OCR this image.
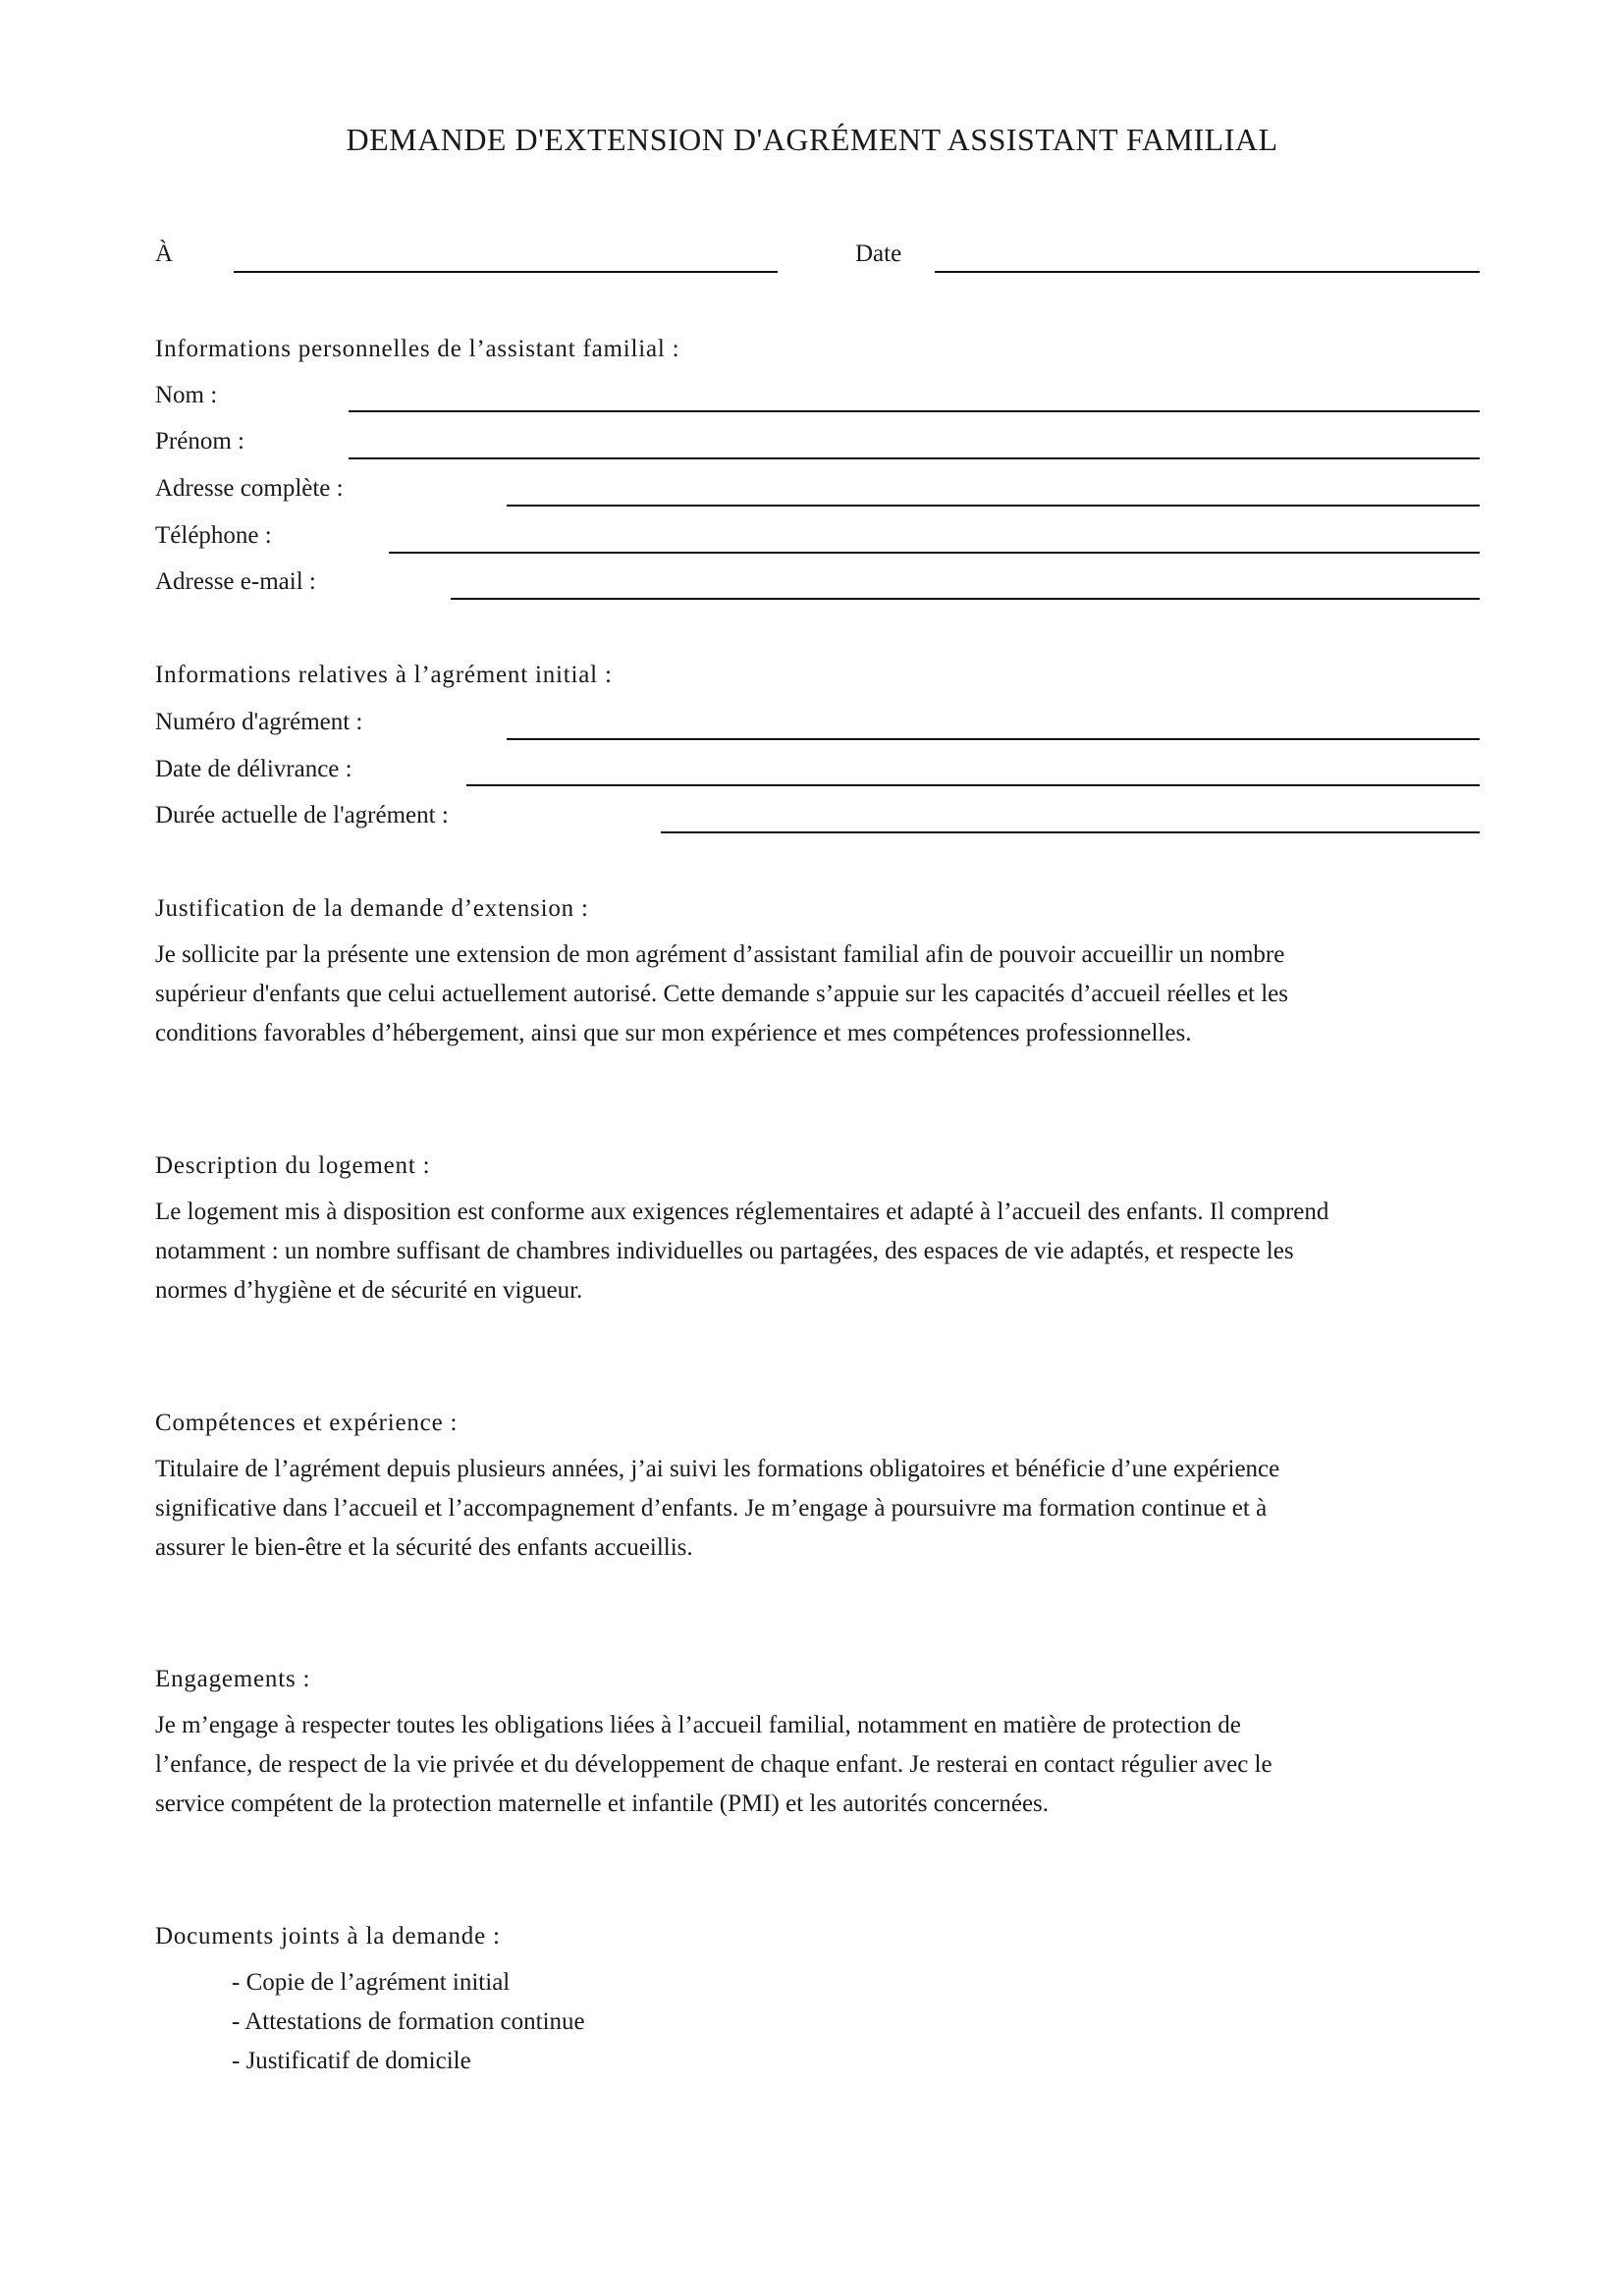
DEMANDE D'EXTENSION D'AGRÉMENT ASSISTANT FAMILIAL
À	Date
Informations personnelles de l’assistant familial :
Nom :
Prénom :
Adresse complète :
Téléphone :
Adresse e-mail :
Informations relatives à l’agrément initial :
Numéro d'agrément :
Date de délivrance :
Durée actuelle de l'agrément :
Justification de la demande d’extension :

Je sollicite par la présente une extension de mon agrément d’assistant familial afin de pouvoir accueillir un nombre

supérieur d'enfants que celui actuellement autorisé. Cette demande s’appuie sur les capacités d’accueil réelles et les

conditions favorables d’hébergement, ainsi que sur mon expérience et mes compétences professionnelles.

Description du logement :

Le logement mis à disposition est conforme aux exigences réglementaires et adapté à l’accueil des enfants. Il comprend

notamment : un nombre suffisant de chambres individuelles ou partagées, des espaces de vie adaptés, et respecte les

normes d’hygiène et de sécurité en vigueur.

Compétences et expérience :

Titulaire de l’agrément depuis plusieurs années, j’ai suivi les formations obligatoires et bénéficie d’une expérience

significative dans l’accueil et l’accompagnement d’enfants. Je m’engage à poursuivre ma formation continue et à

assurer le bien-être et la sécurité des enfants accueillis.

Engagements :

Je m’engage à respecter toutes les obligations liées à l’accueil familial, notamment en matière de protection de

l’enfance, de respect de la vie privée et du développement de chaque enfant. Je resterai en contact régulier avec le

service compétent de la protection maternelle et infantile (PMI) et les autorités concernées.

Documents joints à la demande :
- Copie de l’agrément initial
- Attestations de formation continue
- Justificatif de domicile
